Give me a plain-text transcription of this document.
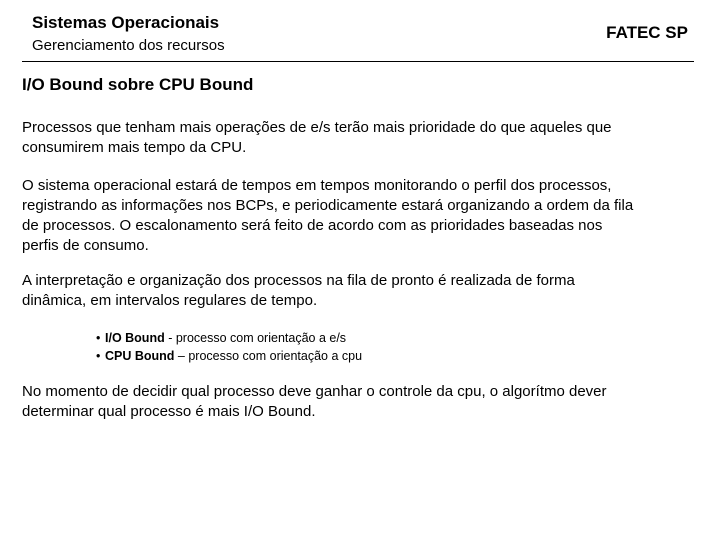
Sistemas Operacionais
Gerenciamento dos recursos
FATEC SP
I/O Bound sobre CPU Bound

Processos que tenham mais operações de e/s terão mais prioridade do que aqueles que
consumirem mais tempo da CPU.

O sistema operacional estará de tempos em tempos monitorando o perfil dos processos,
registrando as informações nos BCPs, e periodicamente estará organizando a ordem da fila
de processos. O escalonamento será feito de acordo com as prioridades baseadas nos
perfis de consumo.

A interpretação e organização dos processos na fila de pronto é realizada de forma
dinâmica, em intervalos regulares de tempo.

• I/O Bound - processo com orientação a e/s
• CPU Bound – processo com orientação a cpu

No momento de decidir qual processo deve ganhar o controle da cpu, o algorítmo dever
determinar qual processo é mais I/O Bound.
